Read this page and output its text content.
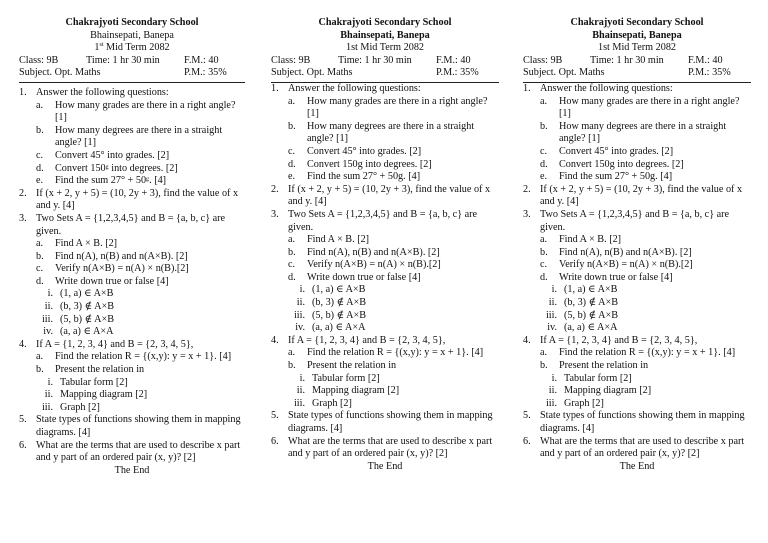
Chakrajyoti Secondary School
Bhainsepati, Banepa
1st Mid Term 2082
Class: 9B	Time: 1 hr 30 min F.M.: 40
Subject. Opt. Maths	P.M.: 35%
1. Answer the following questions:
a. How many grades are there in a right angle? [1]
b. How many degrees are there in a straight angle? [1]
c. Convert 45° into grades. [2]
d. Convert 150ᵍ into degrees. [2]
e. Find the sum 27° + 50ᵍ. [4]
2. If (x + 2, y + 5) = (10, 2y + 3), find the value of x and y. [4]
3. Two Sets A = {1,2,3,4,5} and B = {a, b, c} are given.
a. Find A × B. [2]
b. Find n(A), n(B) and n(A×B). [2]
c. Verify n(A×B) = n(A) × n(B).[2]
d. Write down true or false [4]
i. (1, a) ∈ A×B
ii. (b, 3) ∉ A×B
iii. (5, b) ∉ A×B
iv. (a, a) ∈ A×A
4. If A = {1, 2, 3, 4} and B = {2, 3, 4, 5},
a. Find the relation R = {(x,y): y = x + 1}. [4]
b. Present the relation in
i. Tabular form [2]
ii. Mapping diagram [2]
iii. Graph [2]
5. State types of functions showing them in mapping diagrams. [4]
6. What are the terms that are used to describe x part and y part of an ordered pair (x, y)? [2]
The End
Chakrajyoti Secondary School
Bhainsepati, Banepa
1st Mid Term 2082
Class: 9B	Time: 1 hr 30 min F.M.: 40
Subject. Opt. Maths	P.M.: 35%
1. Answer the following questions:
a. How many grades are there in a right angle? [1]
b. How many degrees are there in a straight angle? [1]
c. Convert 45° into grades. [2]
d. Convert 150g into degrees. [2]
e. Find the sum 27° + 50g. [4]
2. If (x + 2, y + 5) = (10, 2y + 3), find the value of x and y. [4]
3. Two Sets A = {1,2,3,4,5} and B = {a, b, c} are given.
a. Find A × B. [2]
b. Find n(A), n(B) and n(A×B). [2]
c. Verify n(A×B) = n(A) × n(B).[2]
d. Write down true or false [4]
i. (1, a) ∈ A×B
ii. (b, 3) ∉ A×B
iii. (5, b) ∉ A×B
iv. (a, a) ∈ A×A
4. If A = {1, 2, 3, 4} and B = {2, 3, 4, 5},
a. Find the relation R = {(x,y): y = x + 1}. [4]
b. Present the relation in
i. Tabular form [2]
ii. Mapping diagram [2]
iii. Graph [2]
5. State types of functions showing them in mapping diagrams. [4]
6. What are the terms that are used to describe x part and y part of an ordered pair (x, y)? [2]
The End
Chakrajyoti Secondary School
Bhainsepati, Banepa
1st Mid Term 2082
Class: 9B	Time: 1 hr 30 min F.M.: 40
Subject. Opt. Maths	P.M.: 35%
1. Answer the following questions:
a. How many grades are there in a right angle? [1]
b. How many degrees are there in a straight angle? [1]
c. Convert 45° into grades. [2]
d. Convert 150g into degrees. [2]
e. Find the sum 27° + 50g. [4]
2. If (x + 2, y + 5) = (10, 2y + 3), find the value of x and y. [4]
3. Two Sets A = {1,2,3,4,5} and B = {a, b, c} are given.
a. Find A × B. [2]
b. Find n(A), n(B) and n(A×B). [2]
c. Verify n(A×B) = n(A) × n(B).[2]
d. Write down true or false [4]
i. (1, a) ∈ A×B
ii. (b, 3) ∉ A×B
iii. (5, b) ∉ A×B
iv. (a, a) ∈ A×A
4. If A = {1, 2, 3, 4} and B = {2, 3, 4, 5},
a. Find the relation R = {(x,y): y = x + 1}. [4]
b. Present the relation in
i. Tabular form [2]
ii. Mapping diagram [2]
iii. Graph [2]
5. State types of functions showing them in mapping diagrams. [4]
6. What are the terms that are used to describe x part and y part of an ordered pair (x, y)? [2]
The End
